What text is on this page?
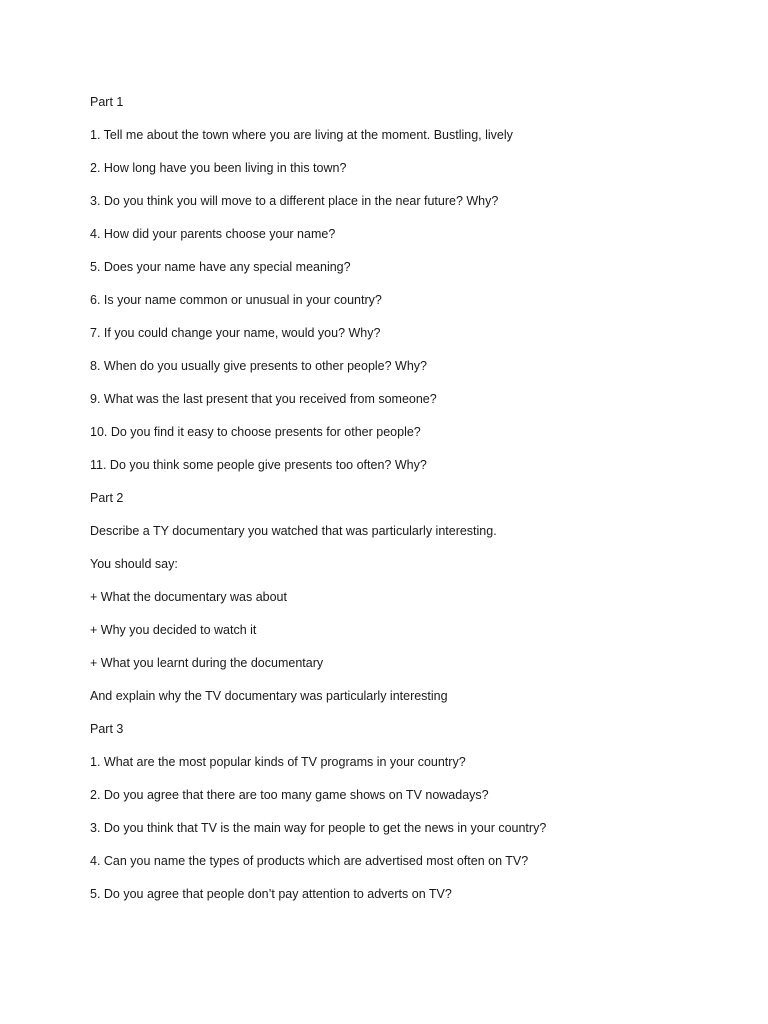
Part 1

1. Tell me about the town where you are living at the moment. Bustling, lively

2. How long have you been living in this town?

3. Do you think you will move to a different place in the near future? Why?

4. How did your parents choose your name?

5. Does your name have any special meaning?

6. Is your name common or unusual in your country?

7. If you could change your name, would you? Why?

8. When do you usually give presents to other people? Why?

9. What was the last present that you received from someone?

10. Do you find it easy to choose presents for other people?

11. Do you think some people give presents too often? Why?

Part 2

Describe a TY documentary you watched that was particularly interesting.

You should say:

+ What the documentary was about

+ Why you decided to watch it

+ What you learnt during the documentary

And explain why the TV documentary was particularly interesting

Part 3

1. What are the most popular kinds of TV programs in your country?

2. Do you agree that there are too many game shows on TV nowadays?

3. Do you think that TV is the main way for people to get the news in your country?

4. Can you name the types of products which are advertised most often on TV?

5. Do you agree that people don’t pay attention to adverts on TV?
